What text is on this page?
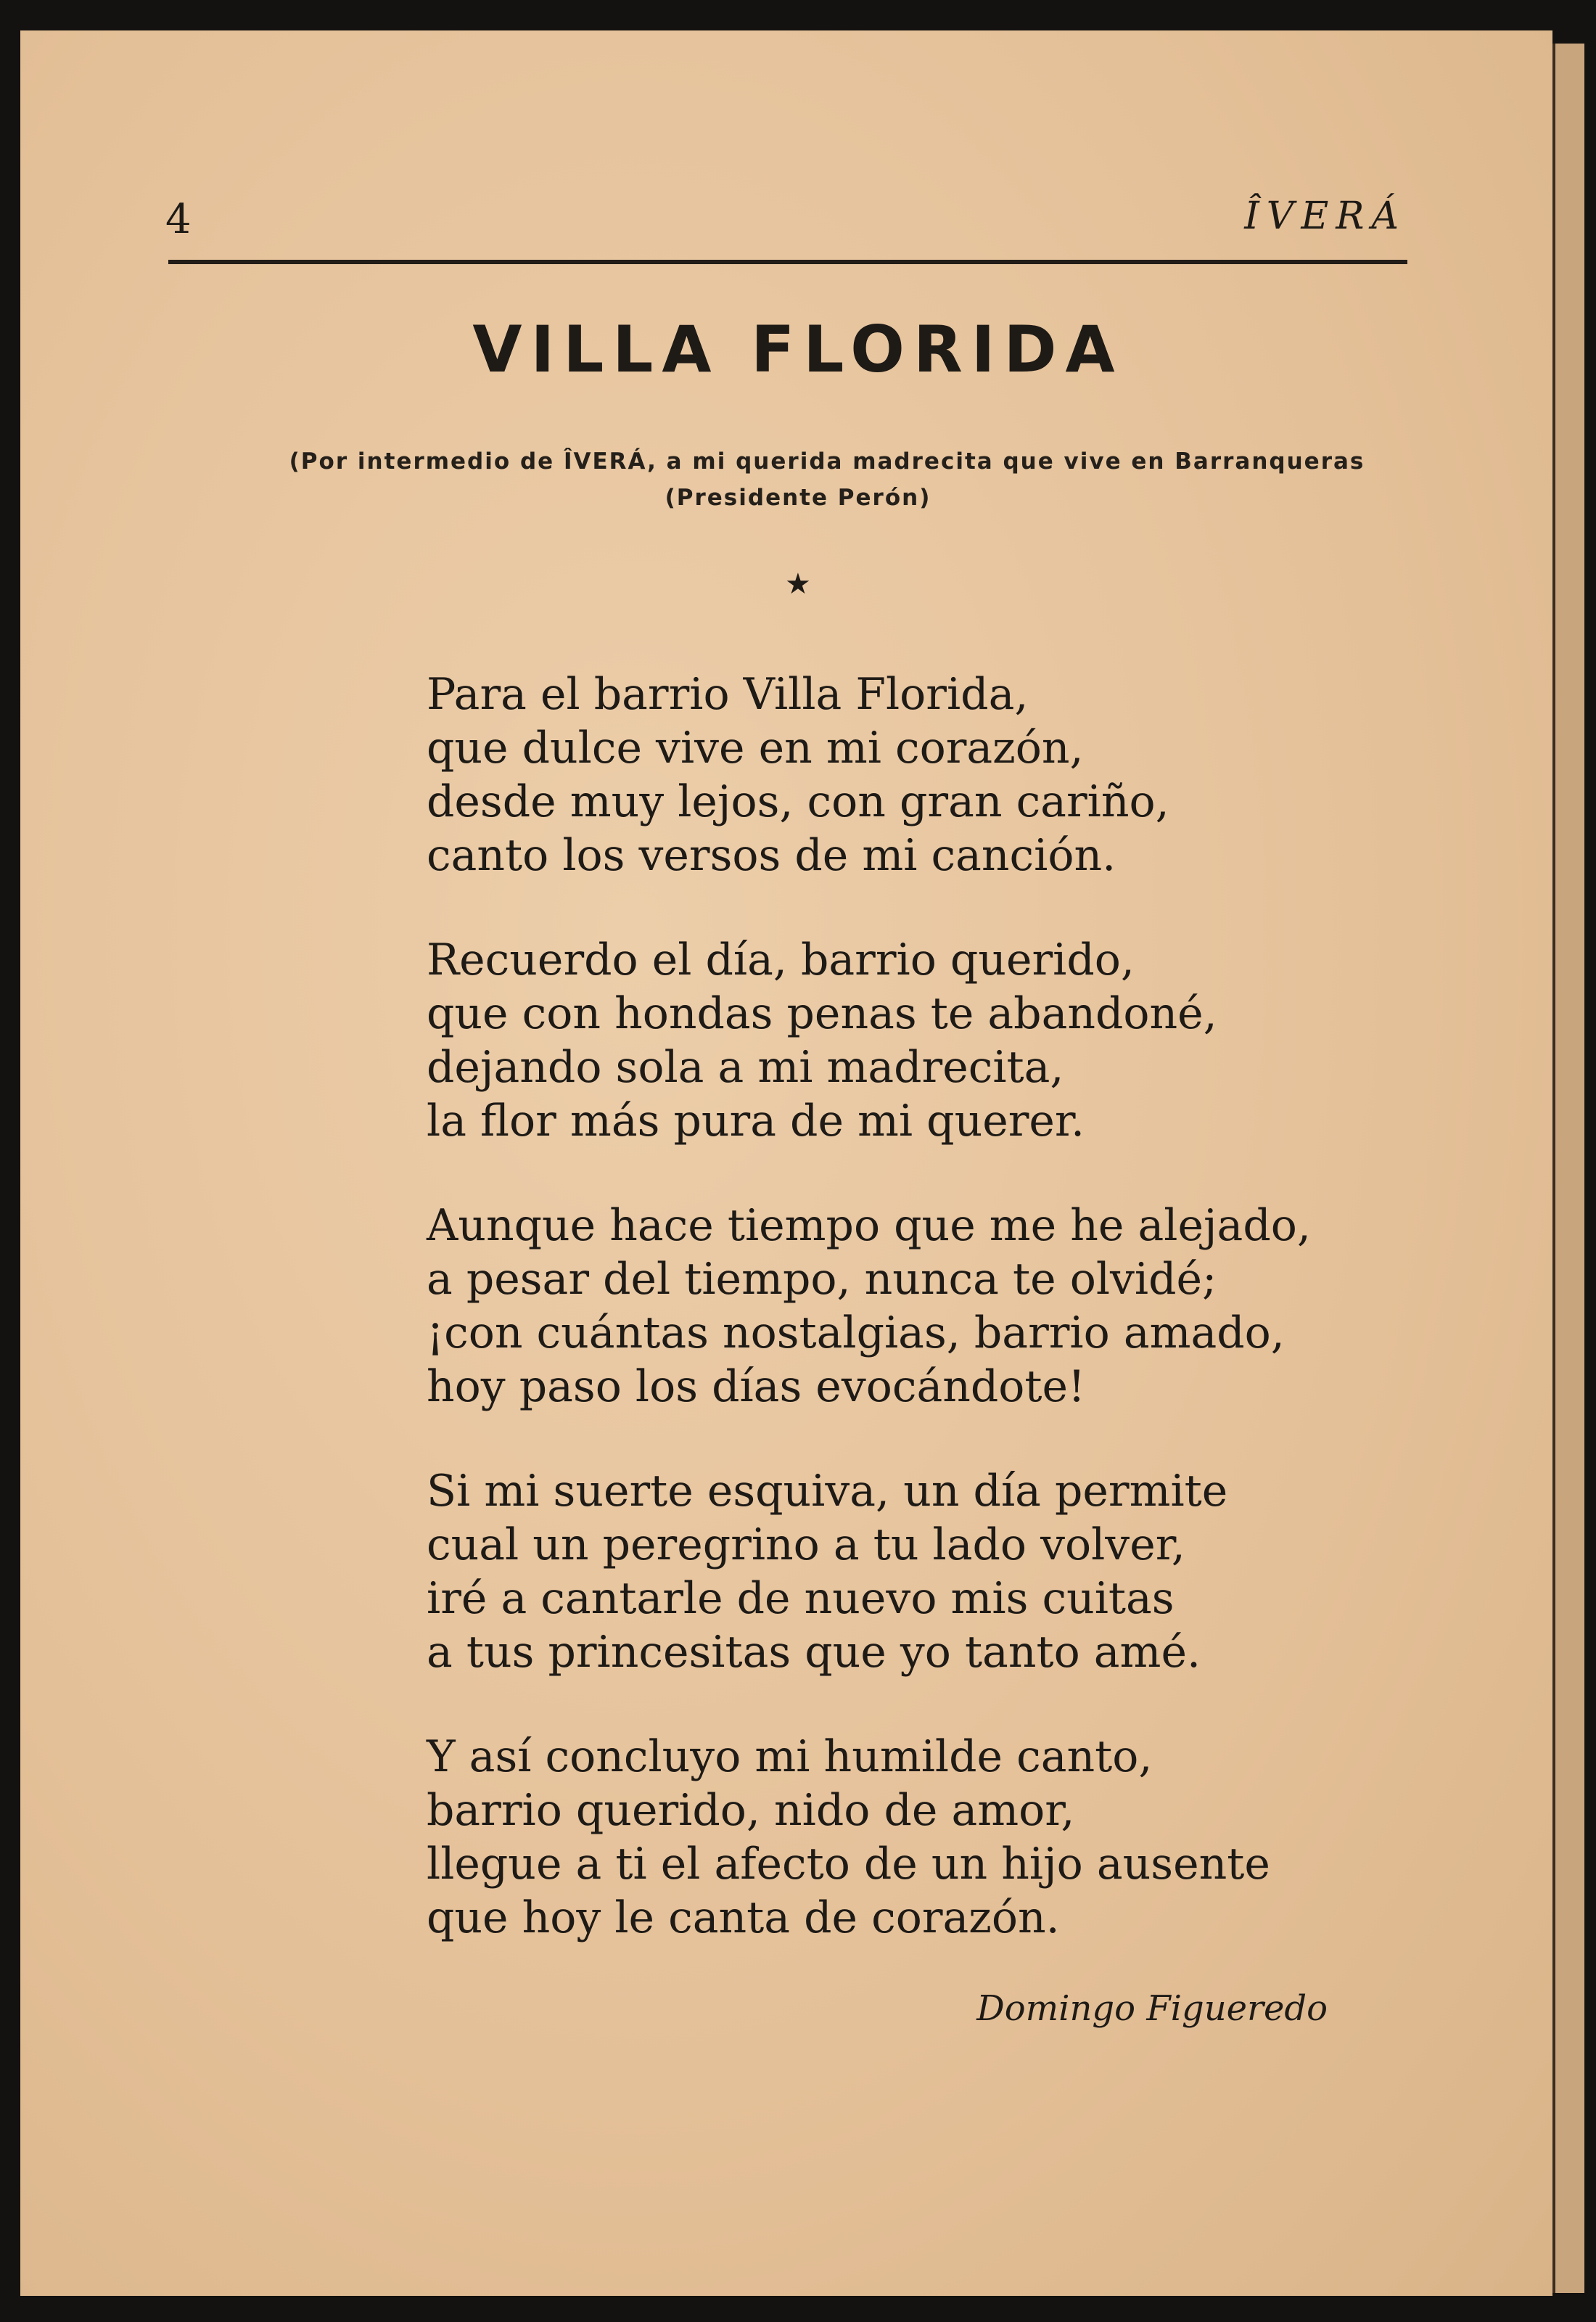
4	ÎVERÁ
VILLA FLORIDA
(Por intermedio de ÎVERÁ, a mi querida madrecita que vive en Barranqueras
(Presidente Perón)
★
Para el barrio Villa Florida,
que dulce vive en mi corazón,
desde muy lejos, con gran cariño,
canto los versos de mi canción.
Recuerdo el día, barrio querido,
que con hondas penas te abandoné,
dejando sola a mi madrecita,
la flor más pura de mi querer.
Aunque hace tiempo que me he alejado,
a pesar del tiempo, nunca te olvidé;
¡con cuántas nostalgias, barrio amado,
hoy paso los días evocándote!
Si mi suerte esquiva, un día permite
cual un peregrino a tu lado volver,
iré a cantarle de nuevo mis cuitas
a tus princesitas que yo tanto amé.
Y así concluyo mi humilde canto,
barrio querido, nido de amor,
llegue a ti el afecto de un hijo ausente
que hoy le canta de corazón.
Domingo Figueredo
